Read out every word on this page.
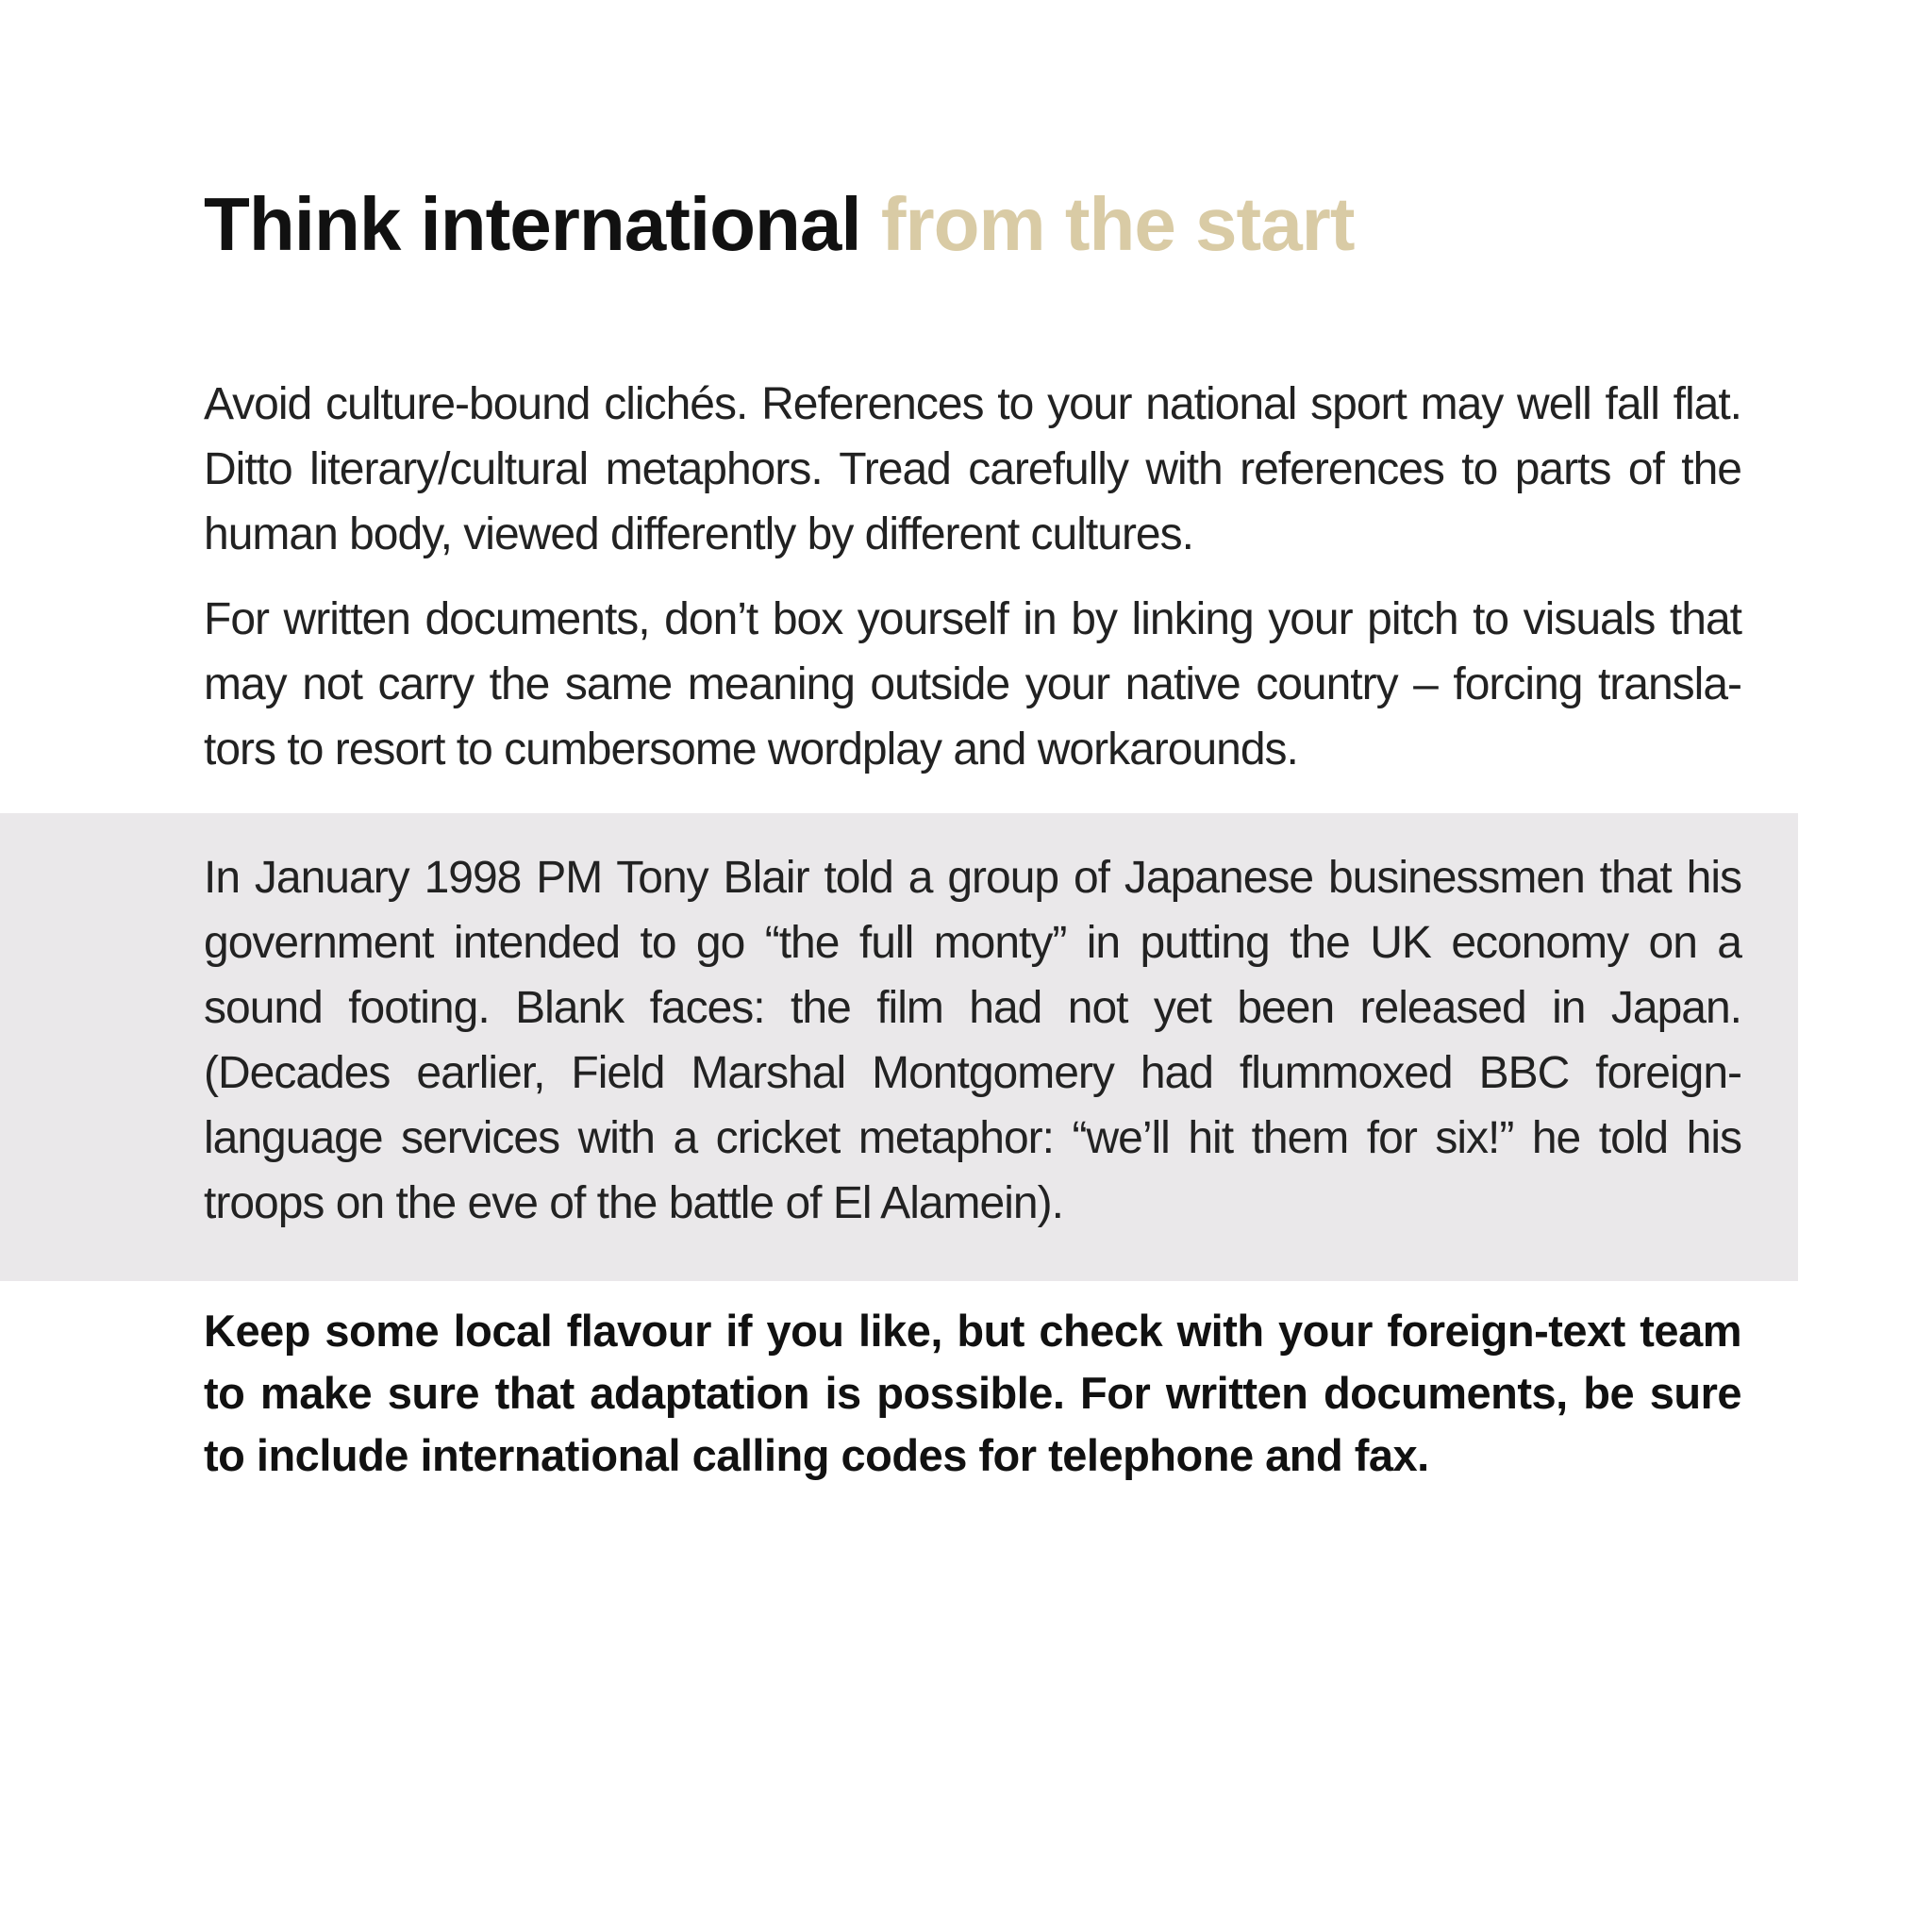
Think international from the start

Avoid culture-bound clichés. References to your national sport may well fall flat. Ditto literary/cultural metaphors. Tread carefully with references to parts of the human body, viewed differently by different cultures.

For written documents, don’t box yourself in by linking your pitch to visuals that may not carry the same meaning outside your native country – forcing transla-tors to resort to cumbersome wordplay and workarounds.

In January 1998 PM Tony Blair told a group of Japanese businessmen that his government intended to go “the full monty” in putting the UK economy on a sound footing. Blank faces: the film had not yet been released in Japan. (Decades earlier, Field Marshal Montgomery had flummoxed BBC foreign-language services with a cricket metaphor: “we’ll hit them for six!” he told his troops on the eve of the battle of El Alamein).

Keep some local flavour if you like, but check with your foreign-text team to make sure that adaptation is possible. For written documents, be sure to include international calling codes for telephone and fax.
